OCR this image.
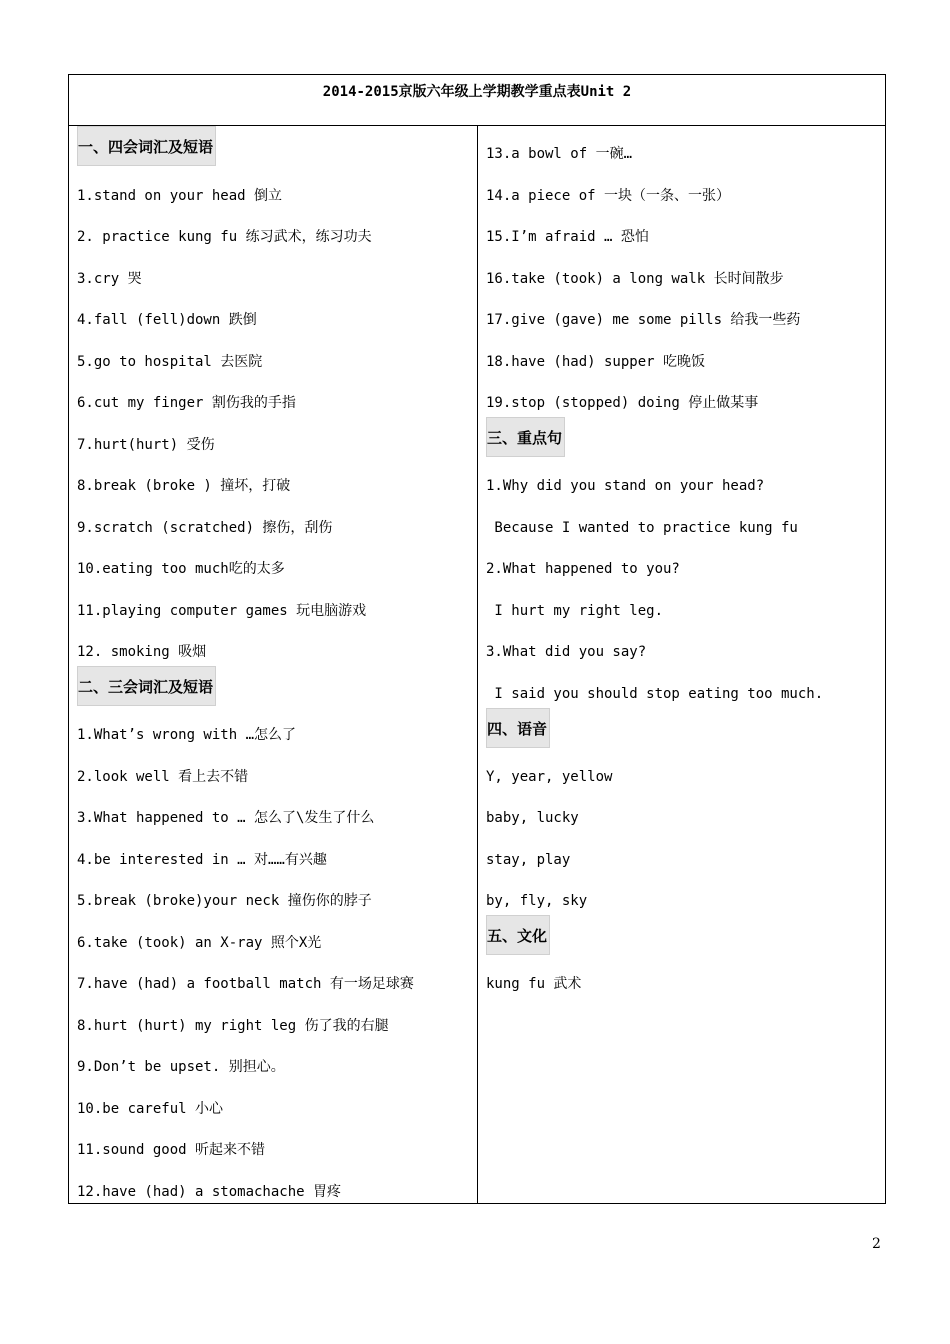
2014-2015京版六年级上学期教学重点表Unit 2
一、四会词汇及短语
1.stand on your head 倒立
2. practice kung fu 练习武术，练习功夫
3.cry 哭
4.fall (fell)down 跌倒
5.go to hospital 去医院
6.cut my finger 割伤我的手指
7.hurt(hurt) 受伤
8.break (broke ) 撞坏，打破
9.scratch (scratched) 擦伤，刮伤
10.eating too much吃的太多
11.playing computer games 玩电脑游戏
12. smoking 吸烟
二、三会词汇及短语
1.What’s wrong with …怎么了
2.look well 看上去不错
3.What happened to … 怎么了\发生了什么
4.be interested in … 对……有兴趣
5.break (broke)your neck 撞伤你的脖子
6.take (took) an X-ray 照个X光
7.have (had) a football match 有一场足球赛
8.hurt (hurt) my right leg 伤了我的右腿
9.Don’t be upset. 别担心。
10.be careful 小心
11.sound good 听起来不错
12.have (had) a stomachache 胃疼
13.a bowl of 一碗…
14.a piece of 一块（一条、一张）
15.I’m afraid … 恐怕
16.take (took) a long walk 长时间散步
17.give (gave) me some pills 给我一些药
18.have (had) supper 吃晚饭
19.stop (stopped) doing 停止做某事
三、重点句
1.Why did you stand on your head?
Because I wanted to practice kung fu
2.What happened to you?
I hurt my right leg.
3.What did you say?
I said you should stop eating too much.
四、语音
Y, year, yellow
baby, lucky
stay, play
by, fly, sky
五、文化
kung fu 武术
2
